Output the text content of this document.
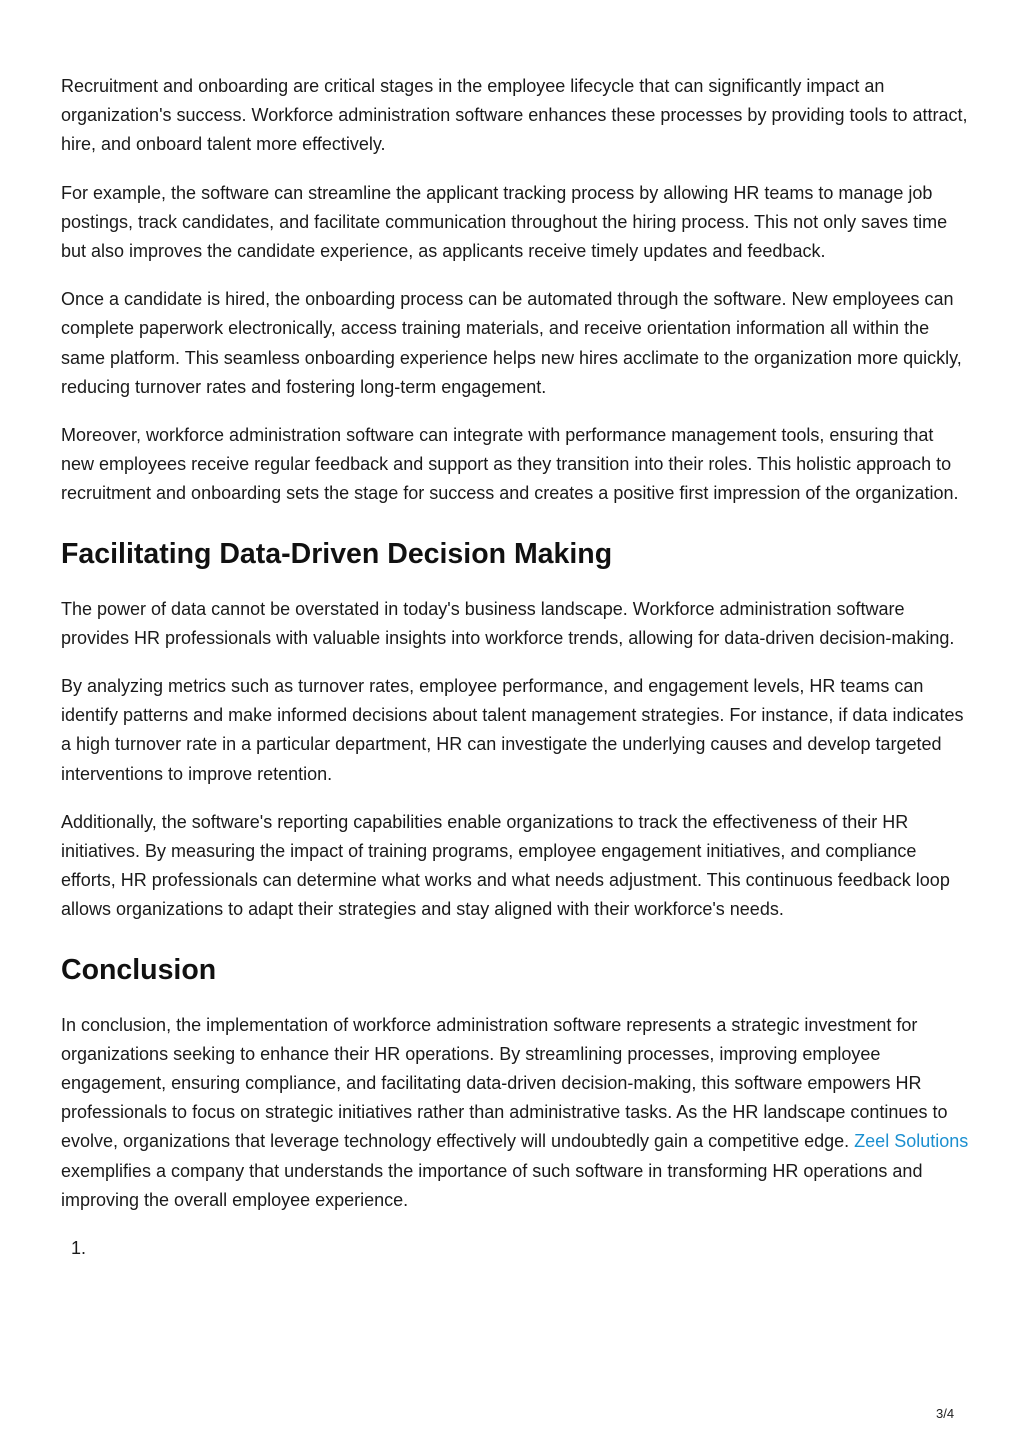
Recruitment and onboarding are critical stages in the employee lifecycle that can significantly impact an organization's success. Workforce administration software enhances these processes by providing tools to attract, hire, and onboard talent more effectively.

For example, the software can streamline the applicant tracking process by allowing HR teams to manage job postings, track candidates, and facilitate communication throughout the hiring process. This not only saves time but also improves the candidate experience, as applicants receive timely updates and feedback.

Once a candidate is hired, the onboarding process can be automated through the software. New employees can complete paperwork electronically, access training materials, and receive orientation information all within the same platform. This seamless onboarding experience helps new hires acclimate to the organization more quickly, reducing turnover rates and fostering long-term engagement.

Moreover, workforce administration software can integrate with performance management tools, ensuring that new employees receive regular feedback and support as they transition into their roles. This holistic approach to recruitment and onboarding sets the stage for success and creates a positive first impression of the organization.

Facilitating Data-Driven Decision Making

The power of data cannot be overstated in today's business landscape. Workforce administration software provides HR professionals with valuable insights into workforce trends, allowing for data-driven decision-making.

By analyzing metrics such as turnover rates, employee performance, and engagement levels, HR teams can identify patterns and make informed decisions about talent management strategies. For instance, if data indicates a high turnover rate in a particular department, HR can investigate the underlying causes and develop targeted interventions to improve retention.

Additionally, the software's reporting capabilities enable organizations to track the effectiveness of their HR initiatives. By measuring the impact of training programs, employee engagement initiatives, and compliance efforts, HR professionals can determine what works and what needs adjustment. This continuous feedback loop allows organizations to adapt their strategies and stay aligned with their workforce's needs.

Conclusion

In conclusion, the implementation of workforce administration software represents a strategic investment for organizations seeking to enhance their HR operations. By streamlining processes, improving employee engagement, ensuring compliance, and facilitating data-driven decision-making, this software empowers HR professionals to focus on strategic initiatives rather than administrative tasks. As the HR landscape continues to evolve, organizations that leverage technology effectively will undoubtedly gain a competitive edge. Zeel Solutions exemplifies a company that understands the importance of such software in transforming HR operations and improving the overall employee experience.

1.
3/4
